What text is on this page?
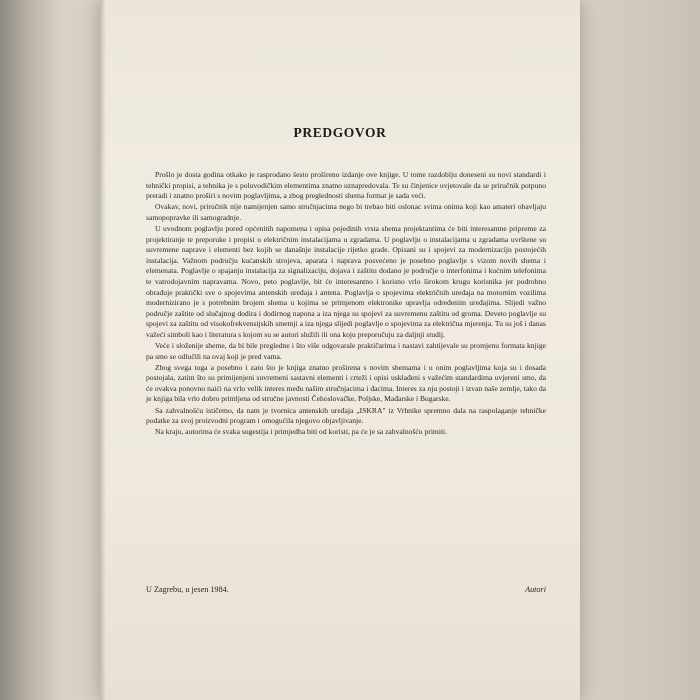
PREDGOVOR

Prošlo je dosta godina otkako je rasprodano šesto prošireno izdanje ove knjige. U tome razdoblju doneseni su novi standardi i tehnički propisi, a tehnika je s poluvodičkim elementima znatno uznapredovala. Te su činjenice uvjetovale da se priručnik potpuno preradi i znatno proširi s novim poglavljima, a zbog preglednosti shema format je sada veći.

Ovakav, novi, priručnik nije namijenjen samo stručnjacima nego bi trebao biti oslonac svima onima koji kao amateri obavljaju samopopravke ili samogradnje.

U uvodnom poglavlju pored općenitih napomena i opisa pojedinih vrsta shema projektantima će biti interesantne pripreme za projektiranje te preporuke i propisi u električnim instalacijama u zgradama. U poglavlju o instalacijama u zgradama uvrštene su suvremene naprave i elementi bez kojih se današnje instalacije rijetko grade. Opisani su i spojevi za modernizaciju postojećih instalacija. Važnom području kućanskih strojeva, aparata i naprava posvećeno je posebno poglavlje s vizom novih shema i elemenata. Poglavlje o spajanju instalacija za signalizaciju, dojava i zaštitu dodano je područje o interfonima i kućnim telefonima te vatrodojavnim napravama. Novo, peto poglavlje, bit će interesantno i korisno vrlo širokom krugu korisnika jer podrobno obrađuje praktički sve o spojevima antenskih uređaja i antena. Poglavlja o spojevima električnih uređaja na motornim vozilima modernizirano je s potrebnim brojem shema u kojima se primjenom elektronike upravlja određenim uređajima. Slijedi važno područje zaštite od slučajnog dodira i dodirnog napona a iza njega su spojevi za suvremenu zaštitu od groma. Deveto poglavlje su spojevi za zaštitu od visokofrekvensijskih smetnji a iza njega slijedi poglavlje o spojevima za električna mjerenja. Tu su još i danas važeći simboli kao i literatura s kojom su se autori služili ili ona koju preporučuju za daljnji studij.

Veće i složenije sheme, da bi bile pregledne i što više odgovarale praktičarima i nastavi zahtijevale su promjenu formata knjige pa smo se odlučili na ovaj koji je pred vama.

Zbog svega toga a posebno i zato što je knjiga znatno proširena s novim shemama i u onim poglavljima koja su i dosada postojala, zatim što su primijenjeni suvremeni sastavni elementi i crteži i opisi usklađeni s važećim standardima uvjereni smo, da će ovakva ponovno naići na vrlo velik interes među našim stručnjacima i đacima. Interes za nju postoji i izvan naše zemlje, tako da je knjiga bila vrlo dobro primljena od stručne javnosti Čehoslovačke, Poljske, Mađarske i Bugarske.

Sa zahvalnošću ističemo, da nam je tvornica antenskih uređaja „ISKRA" iz Vrhnike spremno dala na raspolaganje tehničke podatke za svoj proizvodni program i omogućila njegovo objavljivanje.

Na kraju, autorima će svaka sugestija i primjedba biti od koristi, pa će je sa zahvalnošću primiti.

U Zagrebu, u jesen 1984.	Autori
